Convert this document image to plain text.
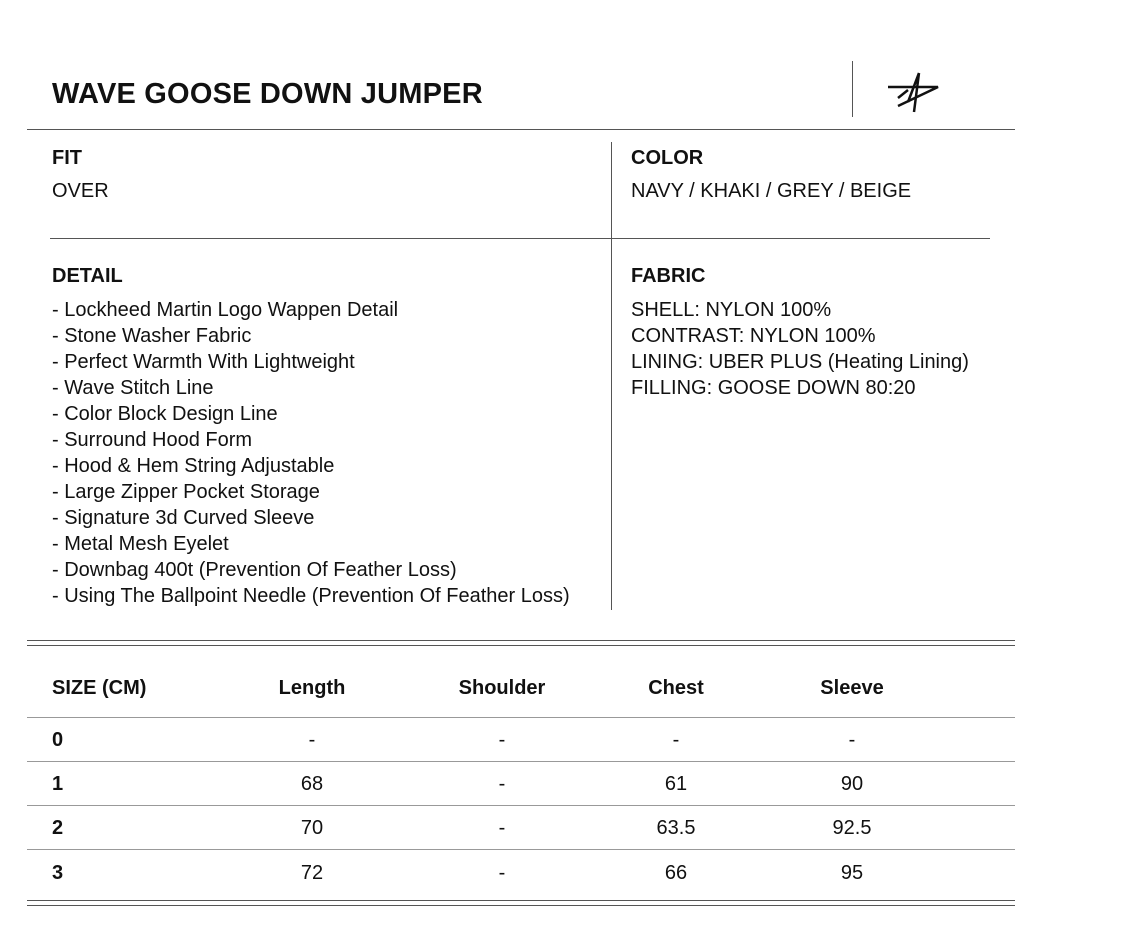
WAVE GOOSE DOWN JUMPER
FIT
OVER
COLOR
NAVY / KHAKI / GREY / BEIGE
DETAIL
- Lockheed Martin Logo Wappen Detail
- Stone Washer Fabric
- Perfect Warmth With Lightweight
- Wave Stitch Line
- Color Block Design Line
- Surround Hood Form
- Hood & Hem String Adjustable
- Large Zipper Pocket Storage
- Signature 3d Curved Sleeve
- Metal Mesh Eyelet
- Downbag 400t (Prevention Of Feather Loss)
- Using The Ballpoint Needle (Prevention Of Feather Loss)
FABRIC
SHELL: NYLON 100%
CONTRAST: NYLON 100%
LINING: UBER PLUS (Heating Lining)
FILLING: GOOSE DOWN 80:20
SIZE (CM)	Length	Shoulder	Chest	Sleeve
0	-	-	-	-
1	68	-	61	90
2	70	-	63.5	92.5
3	72	-	66	95
